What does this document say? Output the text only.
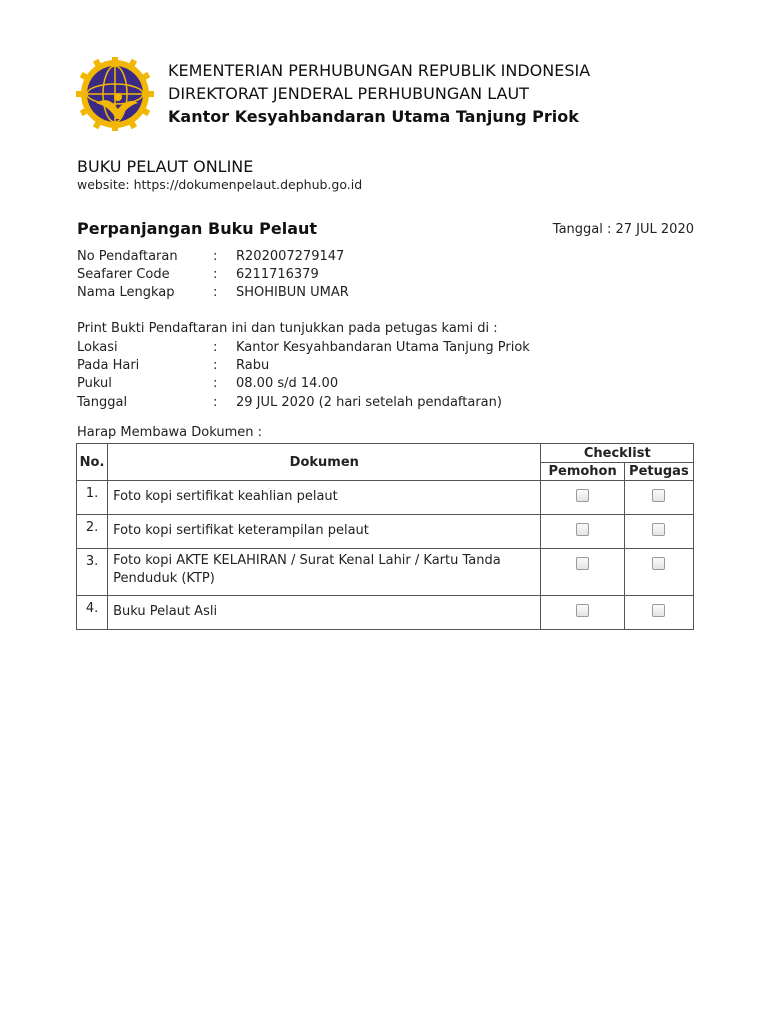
KEMENTERIAN PERHUBUNGAN REPUBLIK INDONESIA
DIREKTORAT JENDERAL PERHUBUNGAN LAUT
Kantor Kesyahbandaran Utama Tanjung Priok
BUKU PELAUT ONLINE
website: https://dokumenpelaut.dephub.go.id
Perpanjangan Buku Pelaut	Tanggal : 27 JUL 2020
No Pendaftaran	: R202007279147
Seafarer Code	: 6211716379
Nama Lengkap	: SHOHIBUN UMAR
Print Bukti Pendaftaran ini dan tunjukkan pada petugas kami di :
Lokasi	: Kantor Kesyahbandaran Utama Tanjung Priok
Pada Hari	: Rabu
Pukul	: 08.00 s/d 14.00
Tanggal	: 29 JUL 2020 (2 hari setelah pendaftaran)
Harap Membawa Dokumen :
No.	Dokumen	Checklist	
		Pemohon	Petugas
1.	Foto kopi sertifikat keahlian pelaut		
2.	Foto kopi sertifikat keterampilan pelaut		
3.	Foto kopi AKTE KELAHIRAN / Surat Kenal Lahir / Kartu Tanda Penduduk (KTP)		
4.	Buku Pelaut Asli		
